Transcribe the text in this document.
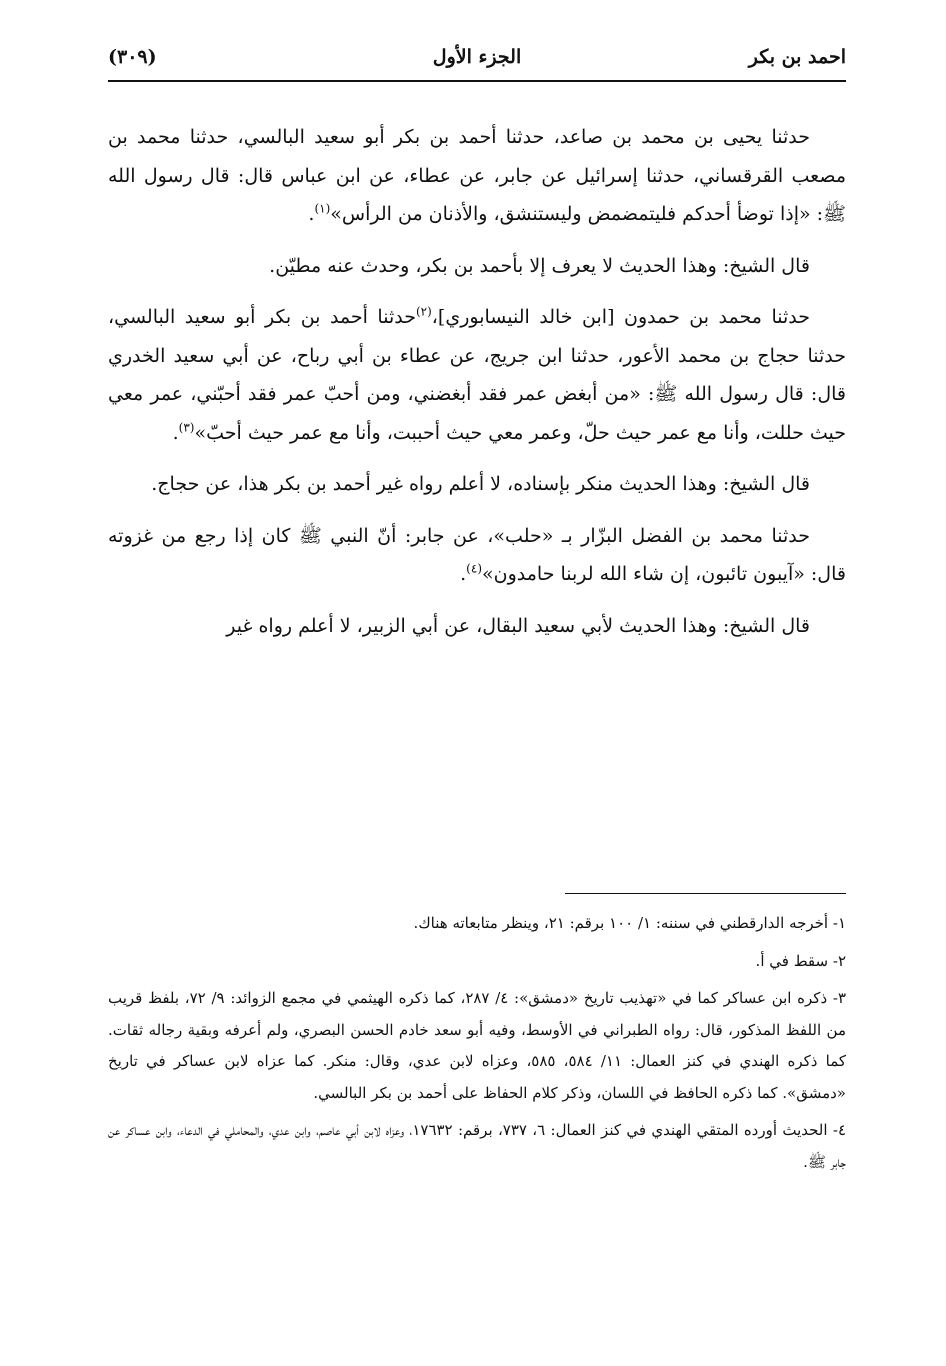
احمد بن بكر
الجزء الأول
(٣٠٩)

حدثنا يحيى بن محمد بن صاعد، حدثنا أحمد بن بكر أبو سعيد البالسي، حدثنا محمد بن مصعب القرقساني، حدثنا إسرائيل عن جابر، عن عطاء، عن ابن عباس قال: قال رسول الله ﷺ: «إذا توضأ أحدكم فليتمضمض وليستنشق، والأذنان من الرأس»$^{(١)}$.

قال الشيخ: وهذا الحديث لا يعرف إلا بأحمد بن بكر، وحدث عنه مطيّن.

حدثنا محمد بن حمدون [ابن خالد النيسابوري]،$^{(٢)}$حدثنا أحمد بن بكر أبو سعيد البالسي، حدثنا حجاج بن محمد الأعور، حدثنا ابن جريج، عن عطاء بن أبي رباح، عن أبي سعيد الخدري قال: قال رسول الله ﷺ: «من أبغض عمر فقد أبغضني، ومن أحبّ عمر فقد أحبّني، عمر معي حيث حللت، وأنا مع عمر حيث حلّ، وعمر معي حيث أحببت، وأنا مع عمر حيث أحبّ»$^{(٣)}$.

قال الشيخ: وهذا الحديث منكر بإسناده، لا أعلم رواه غير أحمد بن بكر هذا، عن حجاج.

حدثنا محمد بن الفضل البزّار بـ «حلب»، عن جابر: أنّ النبي ﷺ كان إذا رجع من غزوته قال: «آيبون تائبون، إن شاء الله لربنا حامدون»$^{(٤)}$.

قال الشيخ: وهذا الحديث لأبي سعيد البقال، عن أبي الزبير، لا أعلم رواه غير

١- أخرجه الدارقطني في سننه: ١/ ١٠٠ برقم: ٢١، وينظر متابعاته هناك.
٢- سقط في أ.
٣- ذكره ابن عساكر كما في «تهذيب تاريخ «دمشق»: ٤/ ٢٨٧، كما ذكره الهيثمي في مجمع الزوائد: ٩/ ٧٢، بلفظ قريب من اللفظ المذكور، قال: رواه الطبراني في الأوسط، وفيه أبو سعد خادم الحسن البصري، ولم أعرفه وبقية رجاله ثقات. كما ذكره الهندي في كنز العمال: ١١/ ٥٨٤، ٥٨٥، وعزاه لابن عدي، وقال: منكر. كما عزاه لابن عساكر في تاريخ «دمشق». كما ذكره الحافظ في اللسان، وذكر كلام الحفاظ على أحمد بن بكر البالسي.
٤- الحديث أورده المتقي الهندي في كنز العمال: ٦، ٧٣٧، برقم: ١٧٦٣٢، وعزاه لابن أبي عاصم، وابن عدي، والمحاملي في الدعاء، وابن عساكر عن جابر ﷺ.
